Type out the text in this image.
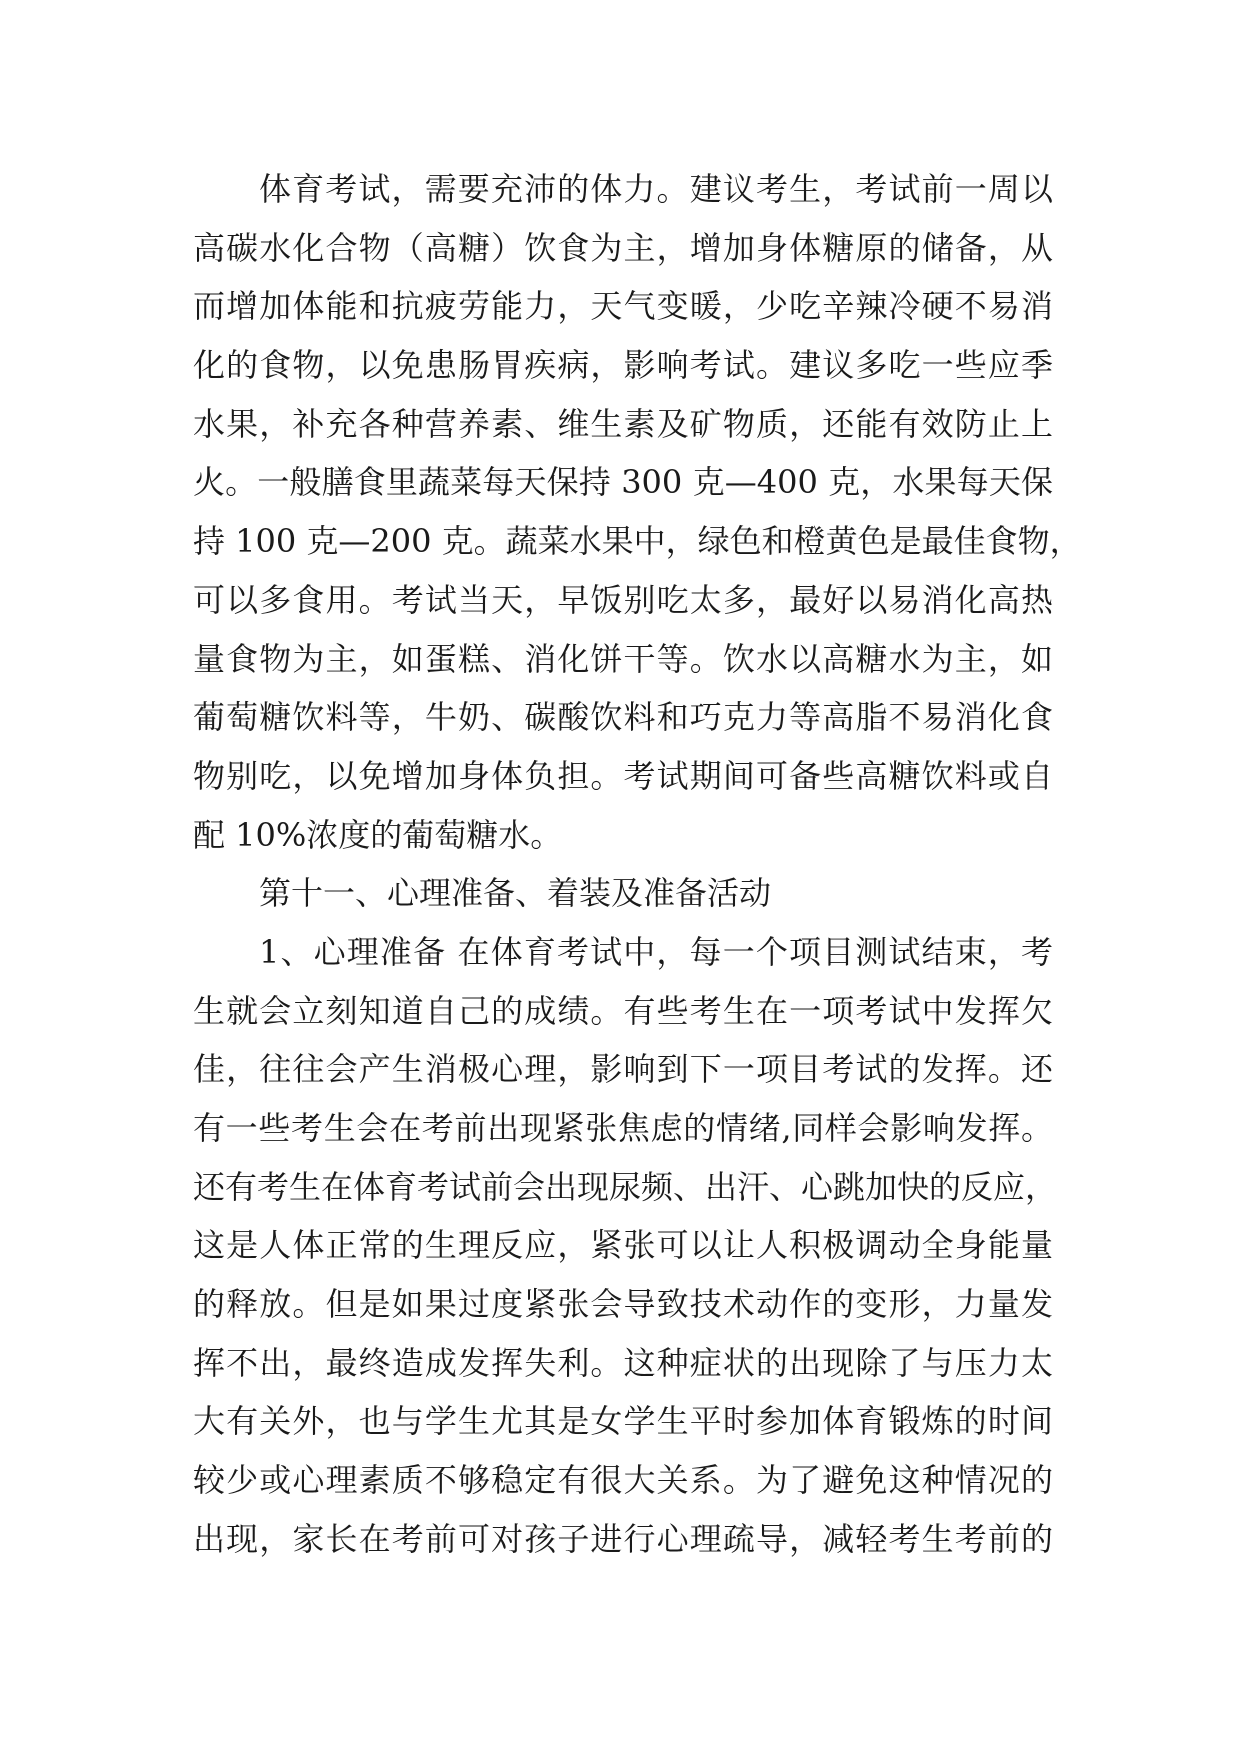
体育考试，需要充沛的体力。建议考生，考试前一周以
高碳水化合物（高糖）饮食为主，增加身体糖原的储备，从
而增加体能和抗疲劳能力，天气变暖，少吃辛辣冷硬不易消
化的食物，以免患肠胃疾病，影响考试。建议多吃一些应季
水果，补充各种营养素、维生素及矿物质，还能有效防止上
火。一般膳食里蔬菜每天保持 300 克—400 克，水果每天保
持 100 克—200 克。蔬菜水果中，绿色和橙黄色是最佳食物，
可以多食用。考试当天，早饭别吃太多，最好以易消化高热
量食物为主，如蛋糕、消化饼干等。饮水以高糖水为主，如
葡萄糖饮料等，牛奶、碳酸饮料和巧克力等高脂不易消化食
物别吃，以免增加身体负担。考试期间可备些高糖饮料或自
配 10%浓度的葡萄糖水。
第十一、心理准备、着装及准备活动
1、心理准备 在体育考试中，每一个项目测试结束，考
生就会立刻知道自己的成绩。有些考生在一项考试中发挥欠
佳，往往会产生消极心理，影响到下一项目考试的发挥。还
有一些考生会在考前出现紧张焦虑的情绪,同样会影响发挥。
还有考生在体育考试前会出现尿频、出汗、心跳加快的反应，
这是人体正常的生理反应，紧张可以让人积极调动全身能量
的释放。但是如果过度紧张会导致技术动作的变形，力量发
挥不出，最终造成发挥失利。这种症状的出现除了与压力太
大有关外，也与学生尤其是女学生平时参加体育锻炼的时间
较少或心理素质不够稳定有很大关系。为了避免这种情况的
出现，家长在考前可对孩子进行心理疏导，减轻考生考前的
